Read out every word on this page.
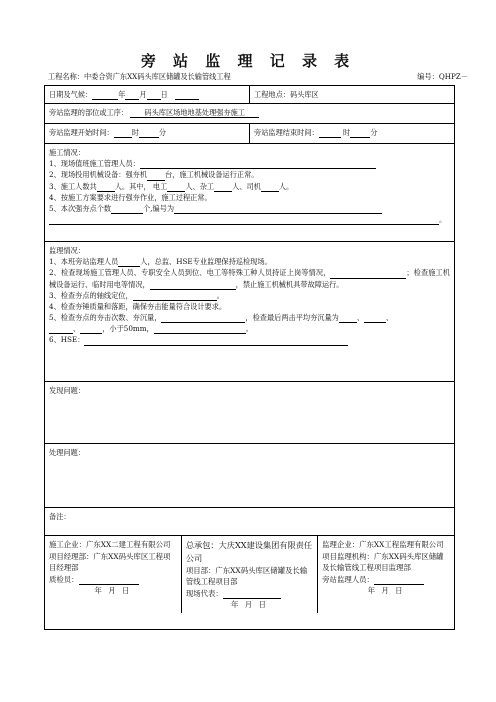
旁 站 监 理 记 录 表
工程名称：中委合资广东XX码头库区储罐及长输管线工程	编号：QHPZ－
日期及气候：	年 月 日	工程地点：码头库区
旁站监理的部位或工序： 码头库区场地地基处理强夯施工
旁站监理开始时间：	时	分	旁站监理结束时间：	时	分

施工情况：
1、现场值班施工管理人员：
2、现场投用机械设备：强夯机	台，施工机械设备运行正常。
3、施工人数共	人。其中， 电工	人、杂工	人、司机	人。
4、按施工方案要求进行强夯作业，施工过程正常。
5、本次强夯点个数	个,编号为
。

监理情况：
1、本班旁站监理人员	人，总监、HSE专业监理保持巡检现场。
2、检查现场施工管理人员、专职安全人员到位、电工等特殊工种人员持证上岗等情况，	；检查施工机械设备运行、临时用电等情况，	，禁止施工机械机具带故障运行。
3、检查夯点的轴线定位，	。
4、检查夯锤质量和落距，确保夯击能量符合设计要求。
5、检查夯点的夯击次数、夯沉量，	，检查最后两击平均夯沉量为	、	、
、	，小于50mm，	。
6、HSE：

发现问题：
处理问题：
备注：

施工企业：广东XX二建工程有限公司
项目经理部：广东XX码头库区工程项目经理部
质检员：
年 月 日

总承包：大庆XX建设集团有限责任公司
项目部：广东XX码头库区储罐及长输管线工程项目部
现场代表：
年 月 日

监理企业：广东XX工程监理有限公司
项目监理机构：广东XX码头库区储罐及长输管线工程项目监理部
旁站监理人员：
年 月 日
